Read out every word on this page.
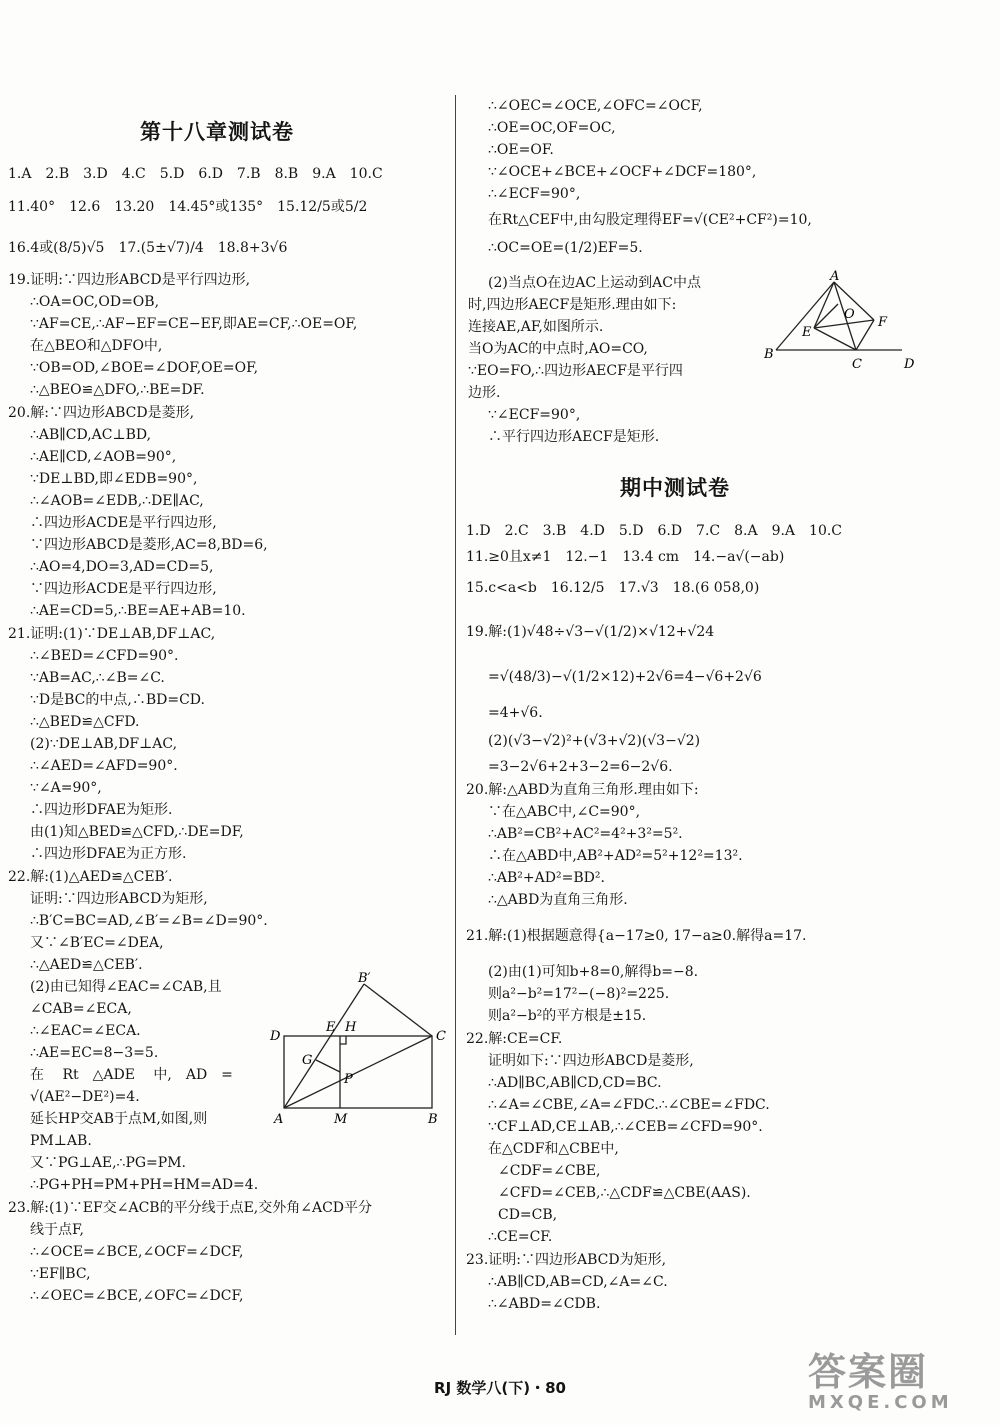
第十八章测试卷
1.A　2.B　3.D　4.C　5.D　6.D　7.B　8.B　9.A　10.C
11.40°　12.6　13.20　14.45°或135°　15.12/5或5/2
16.4或(8/5)√5　17.(5±√7)/4　18.8+3√6
19.证明:∵四边形ABCD是平行四边形,
∴OA=OC,OD=OB,
∵AF=CE,∴AF−EF=CE−EF,即AE=CF,∴OE=OF,
在△BEO和△DFO中,
∵OB=OD,∠BOE=∠DOF,OE=OF,
∴△BEO≌△DFO,∴BE=DF.
20.解:∵四边形ABCD是菱形,
∴AB∥CD,AC⊥BD,
∴AE∥CD,∠AOB=90°,
∵DE⊥BD,即∠EDB=90°,
∴∠AOB=∠EDB,∴DE∥AC,
∴四边形ACDE是平行四边形,
∵四边形ABCD是菱形,AC=8,BD=6,
∴AO=4,DO=3,AD=CD=5,
∵四边形ACDE是平行四边形,
∴AE=CD=5,∴BE=AE+AB=10.
21.证明:(1)∵DE⊥AB,DF⊥AC,
∴∠BED=∠CFD=90°.
∵AB=AC,∴∠B=∠C.
∵D是BC的中点,∴BD=CD.
∴△BED≌△CFD.
(2)∵DE⊥AB,DF⊥AC,
∴∠AED=∠AFD=90°.
∵∠A=90°,
∴四边形DFAE为矩形.
由(1)知△BED≌△CFD,∴DE=DF,
∴四边形DFAE为正方形.
22.解:(1)△AED≌△CEB′.
证明:∵四边形ABCD为矩形,
∴B′C=BC=AD,∠B′=∠B=∠D=90°.
又∵∠B′EC=∠DEA,
∴△AED≌△CEB′.
(2)由已知得∠EAC=∠CAB,且
∠CAB=∠ECA,
∴∠EAC=∠ECA.
∴AE=EC=8−3=5.
在　 Rt　△ADE　 中,　AD　=
√(AE²−DE²)=4.
延长HP交AB于点M,如图,则
PM⊥AB.
又∵PG⊥AE,∴PG=PM.
∴PG+PH=PM+PH=HM=AD=4.
23.解:(1)∵EF交∠ACB的平分线于点E,交外角∠ACD平分
线于点F,
∴∠OCE=∠BCE,∠OCF=∠DCF,
∵EF∥BC,
∴∠OEC=∠BCE,∠OFC=∠DCF,
D
E H
C
B′
G
P
A	M	B
∴∠OEC=∠OCE,∠OFC=∠OCF,
∴OE=OC,OF=OC,
∴OE=OF.
∵∠OCE+∠BCE+∠OCF+∠DCF=180°,
∴∠ECF=90°,
在Rt△CEF中,由勾股定理得EF=√(CE²+CF²)=10,
∴OC=OE=(1/2)EF=5.
(2)当点O在边AC上运动到AC中点
时,四边形AECF是矩形.理由如下:
连接AE,AF,如图所示.
当O为AC的中点时,AO=CO,
∵EO=FO,∴四边形AECF是平行四
边形.
∵∠ECF=90°,
∴平行四边形AECF是矩形.
1.D　2.C　3.B　4.D　5.D　6.D　7.C　8.A　9.A　10.C
11.≥0且x≠1　12.−1　13.4 cm　14.−a√(−ab)
15.c<a<b　16.12/5　17.√3　18.(6 058,0)
19.解:(1)√48÷√3−√(1/2)×√12+√24
=√(48/3)−√(1/2×12)+2√6=4−√6+2√6
=4+√6.
(2)(√3−√2)²+(√3+√2)(√3−√2)
=3−2√6+2+3−2=6−2√6.
20.解:△ABD为直角三角形.理由如下:
∵在△ABC中,∠C=90°,
∴AB²=CB²+AC²=4²+3²=5².
∴在△ABD中,AB²+AD²=5²+12²=13².
∴AB²+AD²=BD².
∴△ABD为直角三角形.
21.解:(1)根据题意得{a−17≥0, 17−a≥0.解得a=17.
(2)由(1)可知b+8=0,解得b=−8.
则a²−b²=17²−(−8)²=225.
则a²−b²的平方根是±15.
22.解:CE=CF.
证明如下:∵四边形ABCD是菱形,
∴AD∥BC,AB∥CD,CD=BC.
∴∠A=∠CBE,∠A=∠FDC.∴∠CBE=∠FDC.
∵CF⊥AD,CE⊥AB,∴∠CEB=∠CFD=90°.
在△CDF和△CBE中,
∠CDF=∠CBE,
∠CFD=∠CEB,∴△CDF≌△CBE(AAS).
CD=CB,
∴CE=CF.
23.证明:∵四边形ABCD为矩形,
∴AB∥CD,AB=CD,∠A=∠C.
∴∠ABD=∠CDB.
期中测试卷
A
O
F
E
B
C	D
RJ 数学八(下)・80	答案圈
MXQE.COM
